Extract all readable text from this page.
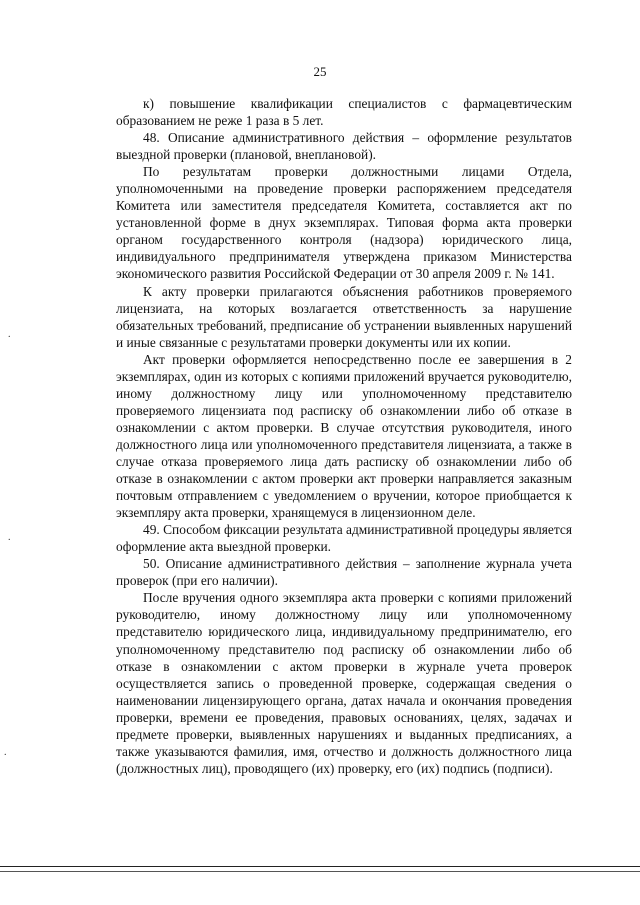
25
.
.
.

к) повышение квалификации специалистов с фармацевтическим образованием не реже 1 раза в 5 лет.

48. Описание административного действия – оформление результатов выездной проверки (плановой, внеплановой).

По результатам проверки должностными лицами Отдела, уполномоченными на проведение проверки распоряжением председателя Комитета или заместителя председателя Комитета, составляется акт по установленной форме в днух экземплярах. Типовая форма акта проверки органом государственного контроля (надзора) юридического лица, индивидуального предпринимателя утверждена приказом Министерства экономического развития Российской Федерации от 30 апреля 2009 г. № 141.

К акту проверки прилагаются объяснения работников проверяемого лицензиата, на которых возлагается ответственность за нарушение обязательных требований, предписание об устранении выявленных нарушений и иные связанные с результатами проверки документы или их копии.

Акт проверки оформляется непосредственно после ее завершения в 2 экземплярах, один из которых с копиями приложений вручается руководителю, иному должностному лицу или уполномоченному представителю проверяемого лицензиата под расписку об ознакомлении либо об отказе в ознакомлении с актом проверки. В случае отсутствия руководителя, иного должностного лица или уполномоченного представителя лицензиата, а также в случае отказа проверяемого лица дать расписку об ознакомлении либо об отказе в ознакомлении с актом проверки акт проверки направляется заказным почтовым отправлением с уведомлением о вручении, которое приобщается к экземпляру акта проверки, хранящемуся в лицензионном деле.

49. Способом фиксации результата административной процедуры является оформление акта выездной проверки.

50. Описание административного действия – заполнение журнала учета проверок (при его наличии).

После вручения одного экземпляра акта проверки с копиями приложений руководителю, иному должностному лицу или уполномоченному представителю юридического лица, индивидуальному предпринимателю, его уполномоченному представителю под расписку об ознакомлении либо об отказе в ознакомлении с актом проверки в журнале учета проверок осуществляется запись о проведенной проверке, содержащая сведения о наименовании лицензирующего органа, датах начала и окончания проведения проверки, времени ее проведения, правовых основаниях, целях, задачах и предмете проверки, выявленных нарушениях и выданных предписаниях, а также указываются фамилия, имя, отчество и должность должностного лица (должностных лиц), проводящего (их) проверку, его (их) подпись (подписи).
